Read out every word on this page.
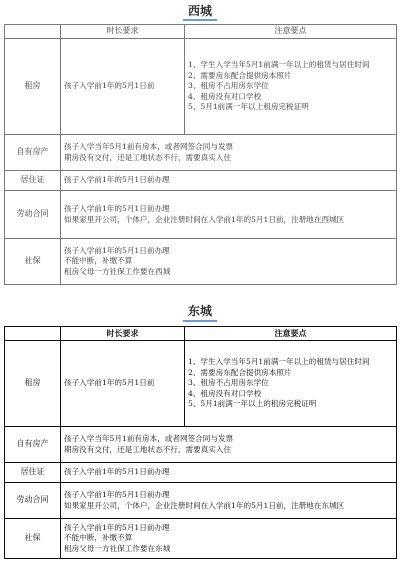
西城
	时长要求	注意要点
租房	孩子入学前1年的5月1日前	1、学生入学当年5月1前满一年以上的租赁与居住时间
2、需要房东配合提供房本照片
3、租房不占用房东学位
4、租房没有对口学校
5、5月1前满一年以上租房完税证明

自有房产	孩子入学当年5月1前有房本，或者网签合同与发票
期房没有交付，还是工地状态不行，需要真实入住	

居住证	孩子入学前1年的5月1日前办理	

劳动合同	孩子入学前1年的5月1日前办理
如果家里开公司，个体户，企业注册时间在入学前1年的5月1日前，注册地在西城区	

社保	孩子入学前1年的5月1日前办理
不能中断，补缴不算
租房父母一方社保工作要在西城	
东城
	时长要求	注意要点
租房	孩子入学前1年的5月1日前	1、学生入学当年5月1前满一年以上的租赁与居住时间
2、需要房东配合提供房本照片
3、租房不占用房东学位
4、租房没有对口学校
5、5月1前满一年以上的租房完税证明

自有房产	孩子入学当年5月1前有房本，或者网签合同与发票
期房没有交付，还是工地状态不行，需要真实入住	

居住证	孩子入学前1年的5月1日前办理	

劳动合同	孩子入学前1年的5月1日前办理
如果家里开公司，个体户，企业注册时间在入学前1年的5月1日前，注册地在东城区	

社保	孩子入学前1年的5月1日前办理
不能中断，补缴不算
租房父母一方社保工作要在东城	
